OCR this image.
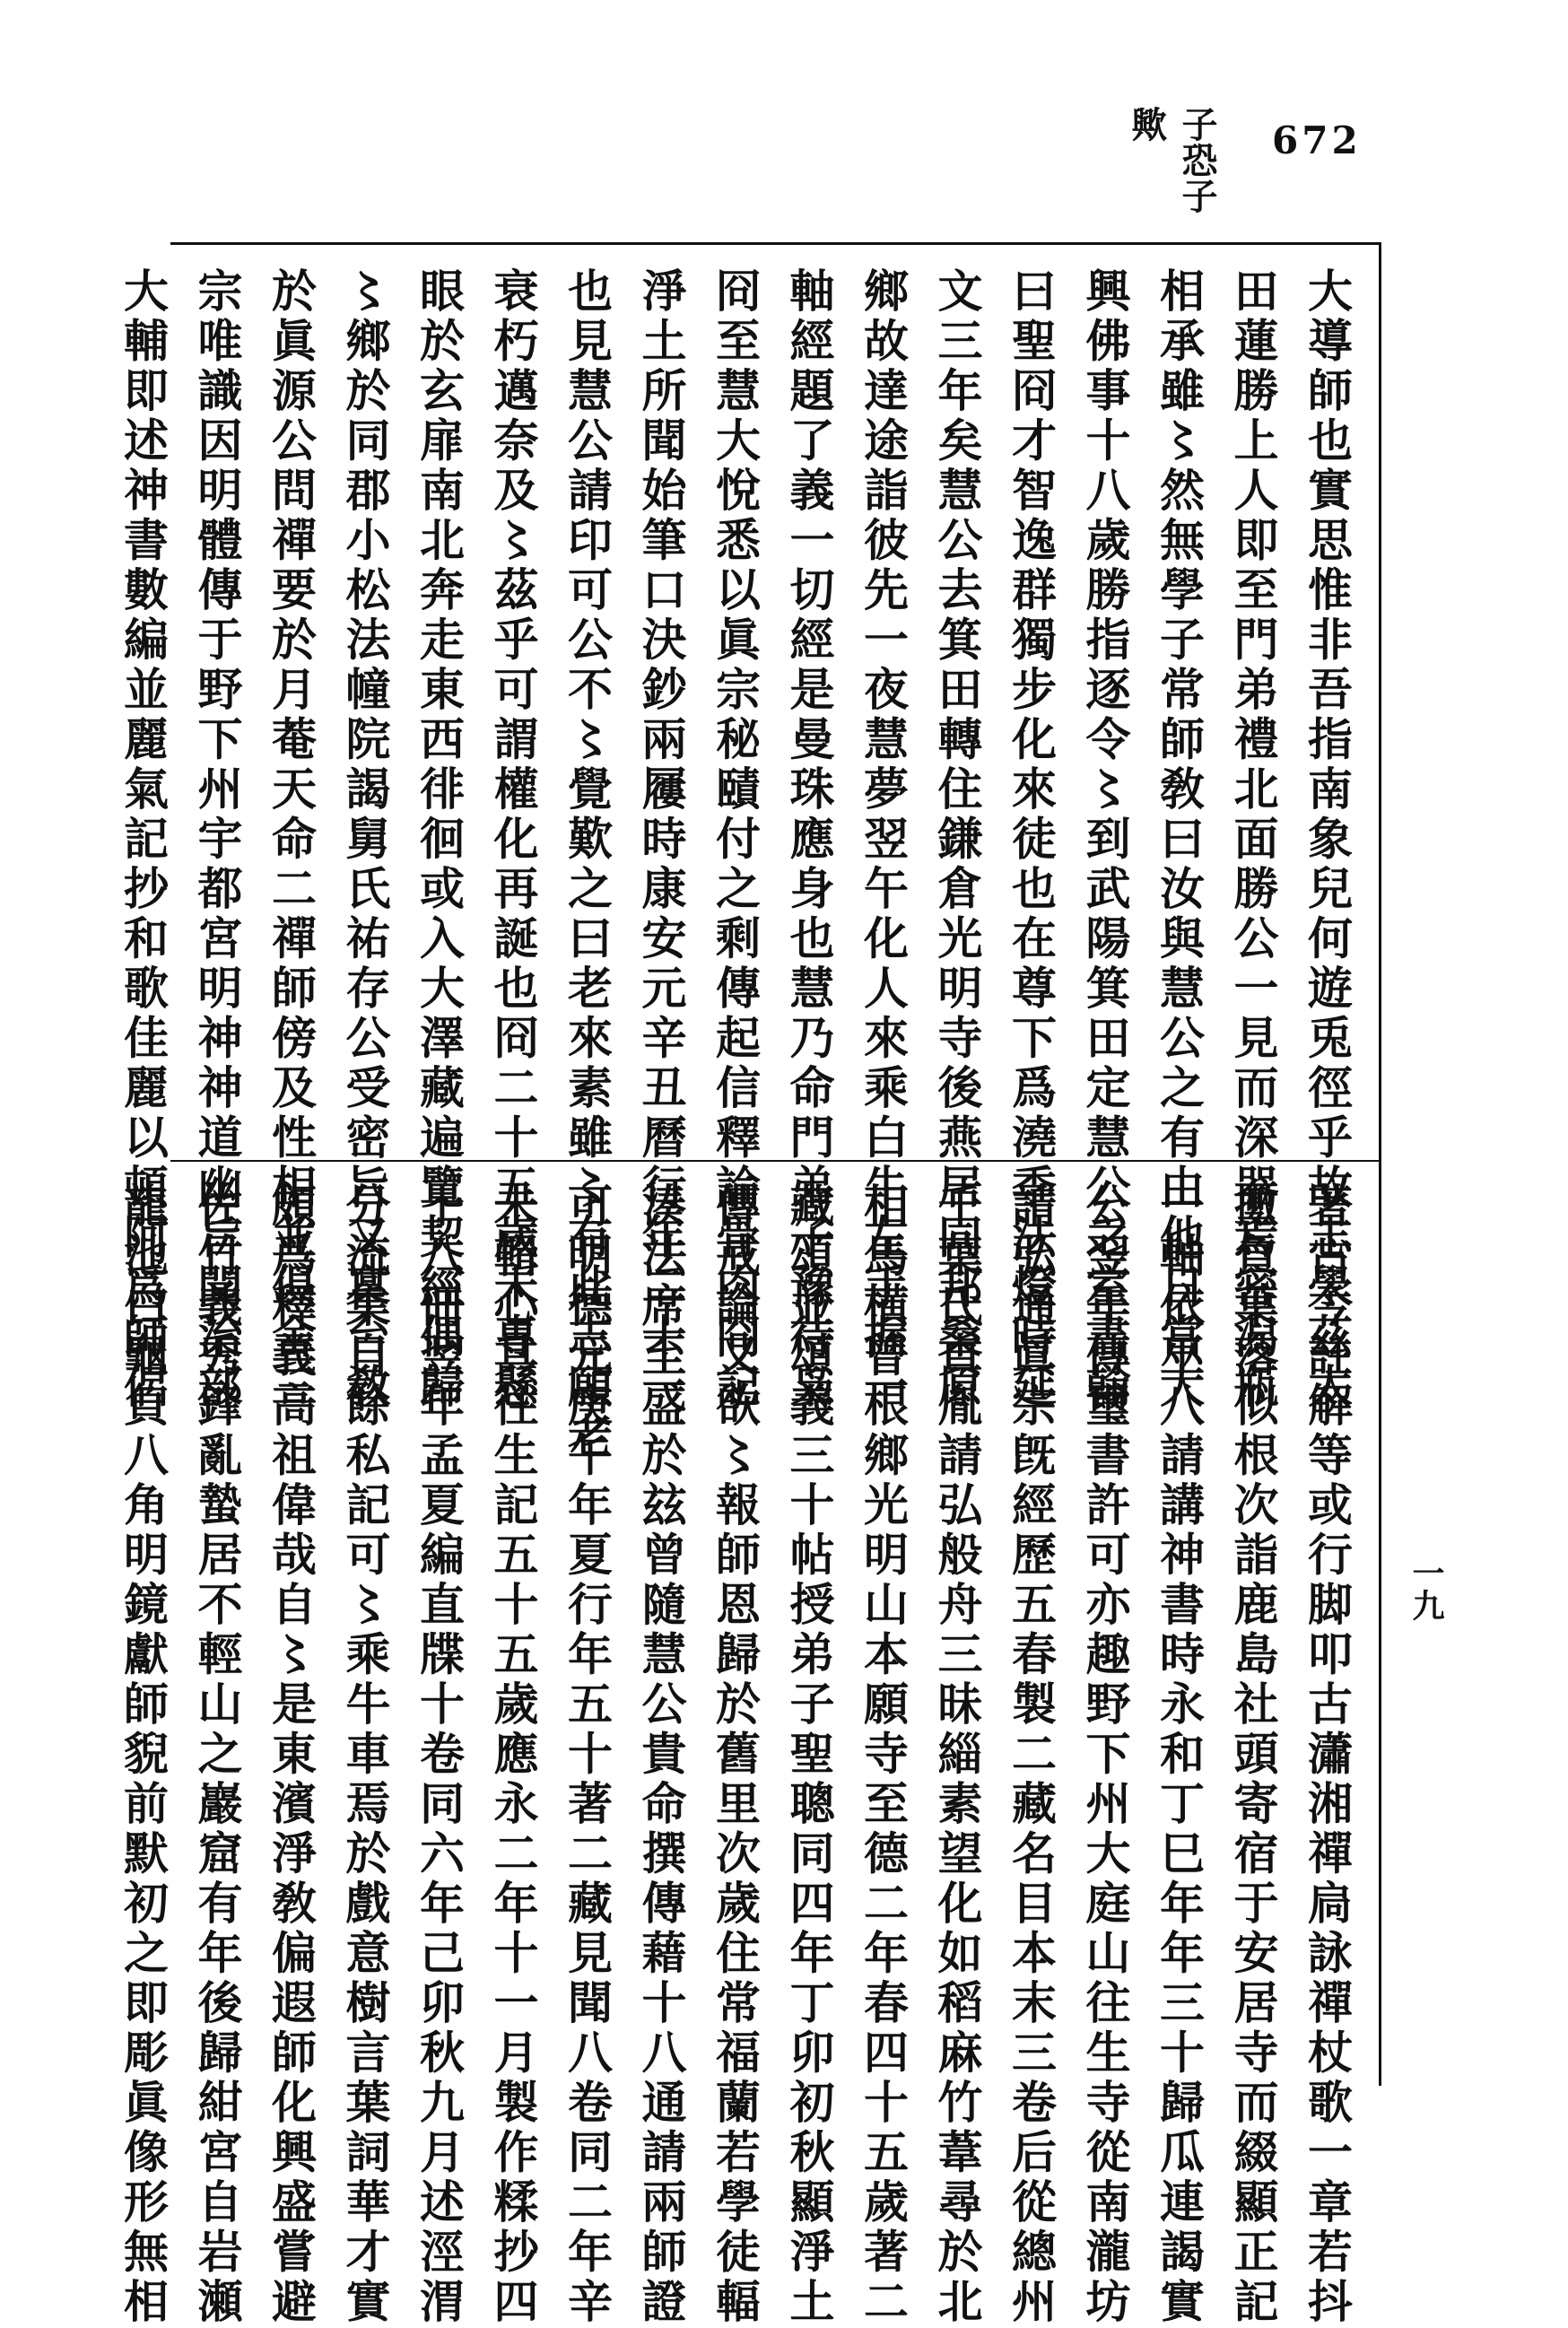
子恐子歟	672
大導師也實思惟非吾指南象兒何遊兎徑乎故志學茲太
田蓮勝上人即至門弟禮北面勝公一見而深器焉密潟瓶
相承雖〻然無學子常師敎曰汝與慧公之有由他日當大
興佛事十八歲勝指逐令〻到武陽箕田定慧公之室書翰
曰聖冏才智逸群獨步化來徒也在尊下爲澆季法燈時延
文三年矣慧公去箕田轉住鎌倉光明寺後燕居同邦桑原
鄉故達途詣彼先一夜慧夢翌午化人來乘白牛左手握一
軸經題了義一切經是曼珠應身也慧乃命門弟子豫待枭
冏至慧大悅悉以眞宗秘賾付之剩傳起信釋論骨肉冏記
淨土所聞始筆口決鈔兩屨時康安元辛丑曆行年二十一
也見慧公請印可公不〻覺歎之曰老來素雖〻有此志願老
衰朽邁奈及〻茲乎可謂權化再誕也冏二十五歲未專懸
眼於玄扉南北奔走東西徘徊或入大澤藏遍覽契經偶歸
〻鄉於同郡小松法幢院謁舅氏祐存公受密旨又稟台敎
於眞源公問禪要於月菴天命二禪師傍及性相並俱舍三
宗唯識因明體傳于野下州宇都宮明神神道幽旨聞治部
大輔即述神書數編並麗氣記抄和歌佳麗以頓阿爲師侶
著古今註解等或行脚叩古瀟湘禪扃詠禪杖歌一章若抖
擻負葉落似根次詣鹿島社頭寄宿于安居寺而綴顯正記
一軸依巫八請講神書時永和丁巳年年三十歸瓜連謁實
公翌年傳璽書許可亦趣野下州大庭山往生寺從南瀧坊
請弘通眞宗旣經歷五春製二藏名目本末三卷后從總州
千葉氏貞胤請弘般舟三昧緇素望化如稻麻竹葦尋於北
相馬横曾根鄉光明山本願寺至德二年春四十五歲著二
藏頌並頌義三十帖授弟子聖聰同四年丁卯初秋顯淨土
傳戒論又欲〻報師恩歸於舊里次歲住常福蘭若學徒輻
湊法席至盛於玆曾隨慧公貴命撰傳藉十八通請兩師證
可明德元庚午年夏行年五十著二藏見聞八卷同二年辛
未輯心具往生記五十五歲應永二年十一月製作糅抄四
十八冊翌年孟夏編直牒十卷同六年己卯秋九月述涇渭
分流集自餘私記可〻乘牛車焉於戲意樹言葉詞華才實
頗爲釋義高祖偉哉自〻是東濱淨敎偏遐師化興盛嘗避
佐竹義秀鋒亂蟄居不輕山之巖窟有年後歸紺宮自岩瀬
龍池白龜負八角明鏡獻師貎前默初之即彫眞像形無相	一九
